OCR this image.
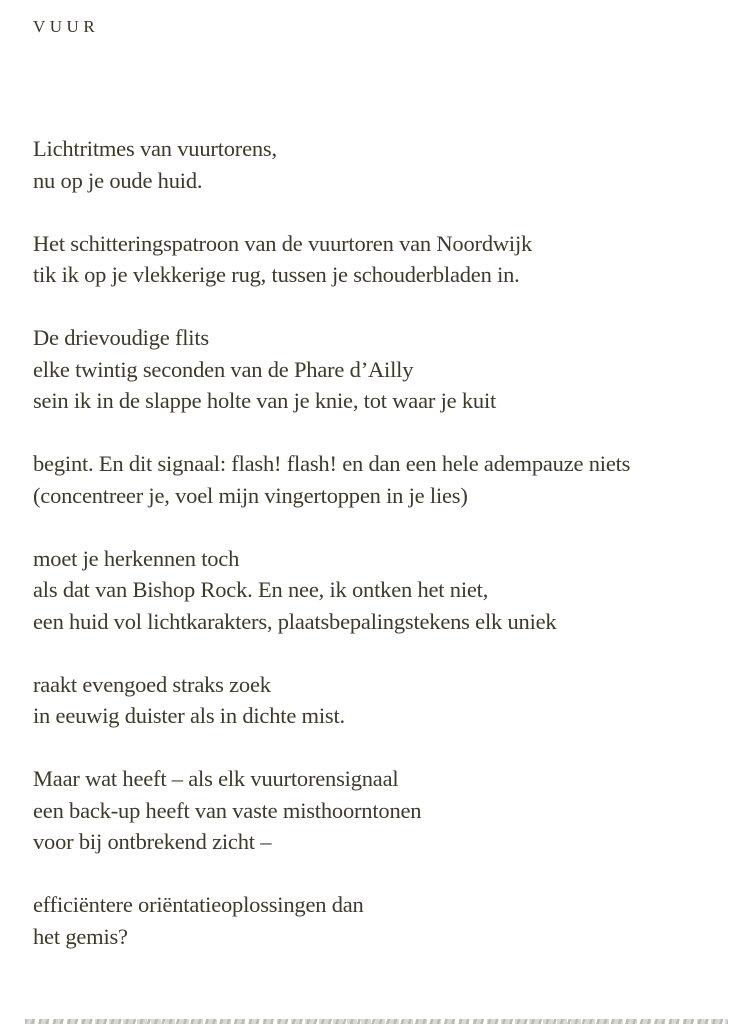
VUUR
Lichtritmes van vuurtorens,
nu op je oude huid.
Het schitteringspatroon van de vuurtoren van Noordwijk
tik ik op je vlekkerige rug, tussen je schouderbladen in.
De drievoudige flits
elke twintig seconden van de Phare d’Ailly
sein ik in de slappe holte van je knie, tot waar je kuit
begint. En dit signaal: flash! flash! en dan een hele adempauze niets
(concentreer je, voel mijn vingertoppen in je lies)
moet je herkennen toch
als dat van Bishop Rock. En nee, ik ontken het niet,
een huid vol lichtkarakters, plaatsbepalingstekens elk uniek
raakt evengoed straks zoek
in eeuwig duister als in dichte mist.
Maar wat heeft – als elk vuurtorensignaal
een back-up heeft van vaste misthoorntonen
voor bij ontbrekend zicht –
efficiëntere oriëntatieoplossingen dan
het gemis?
